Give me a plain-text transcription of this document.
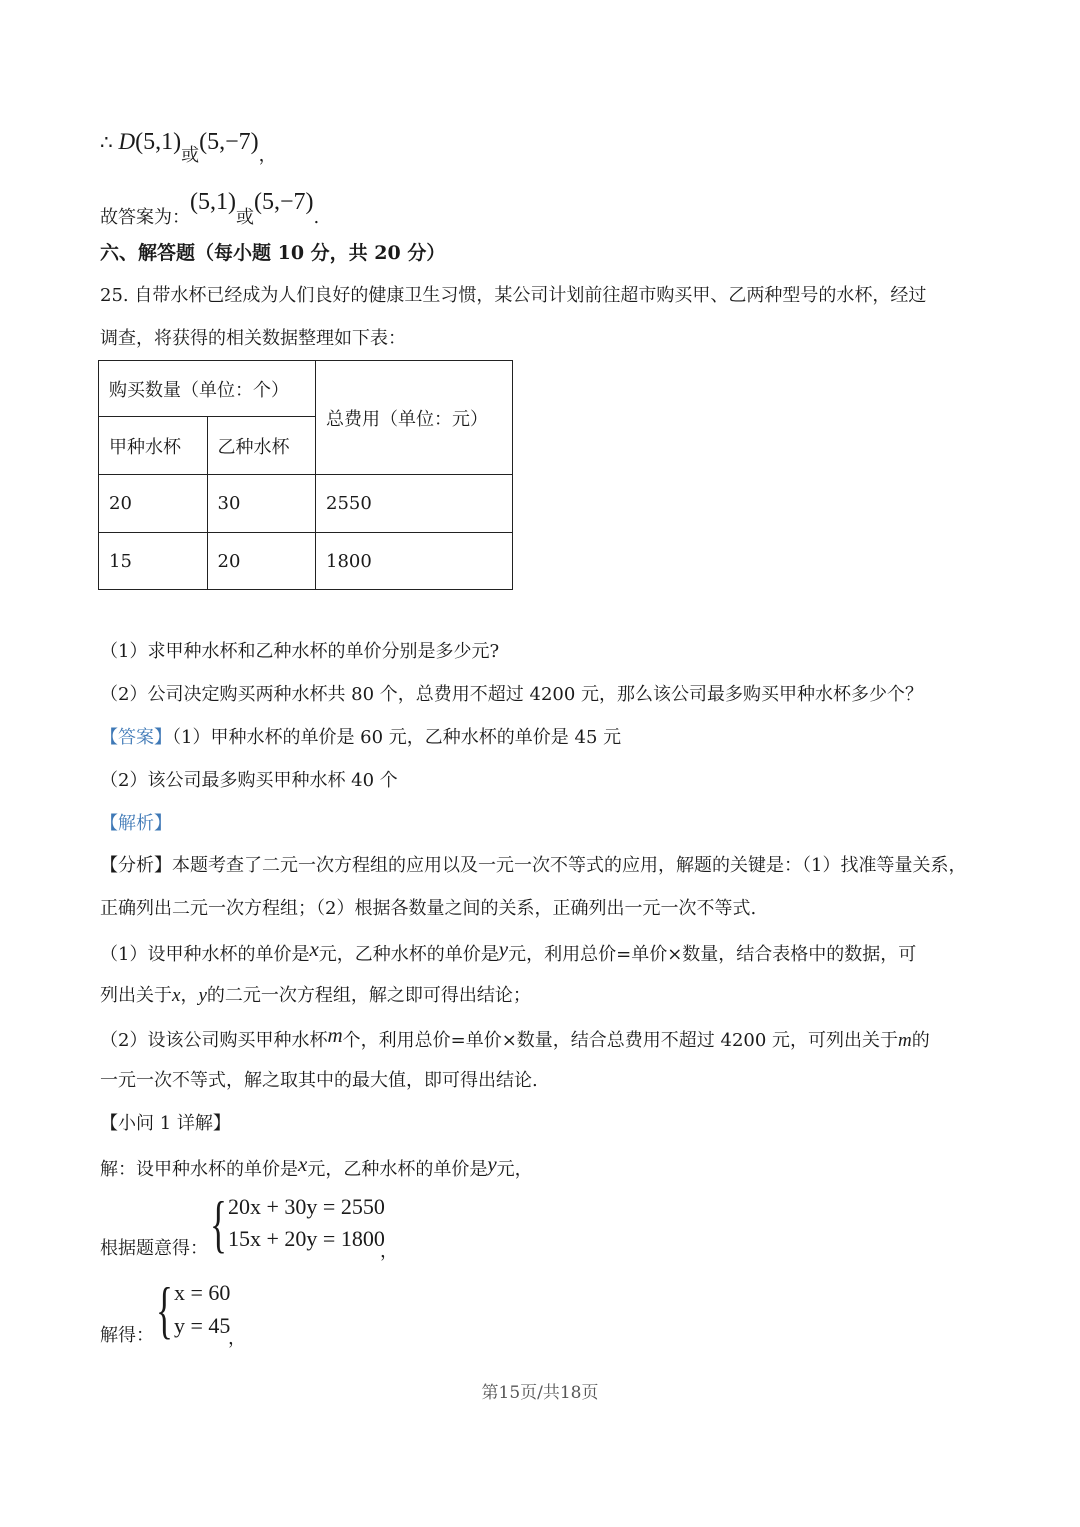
∴ D(5,1)或(5,−7)，
故答案为：(5,1)或(5,−7).
六、解答题（每小题 10 分，共 20 分）
25. 自带水杯已经成为人们良好的健康卫生习惯，某公司计划前往超市购买甲、乙两种型号的水杯，经过
调查，将获得的相关数据整理如下表：
购买数量（单位：个）		总费用（单位：元）
甲种水杯	乙种水杯	
20	30	2550
15	20	1800
（1）求甲种水杯和乙种水杯的单价分别是多少元?
（2）公司决定购买两种水杯共 80 个，总费用不超过 4200 元，那么该公司最多购买甲种水杯多少个？
【答案】（1）甲种水杯的单价是 60 元，乙种水杯的单价是 45 元
（2）该公司最多购买甲种水杯 40 个
【解析】
【分析】本题考查了二元一次方程组的应用以及一元一次不等式的应用，解题的关键是：（1）找准等量关系，
正确列出二元一次方程组；（2）根据各数量之间的关系，正确列出一元一次不等式.
（1）设甲种水杯的单价是x元，乙种水杯的单价是y元，利用总价=单价×数量，结合表格中的数据，可
列出关于x，y的二元一次方程组，解之即可得出结论；
（2）设该公司购买甲种水杯m个，利用总价=单价×数量，结合总费用不超过 4200 元，可列出关于m的
一元一次不等式，解之取其中的最大值，即可得出结论.
【小问 1 详解】
解：设甲种水杯的单价是x元，乙种水杯的单价是y元，
根据题意得： { 20x + 30y = 2550
15x + 20y = 1800
，
解得： { x = 60
y = 45
，
第15页/共18页
